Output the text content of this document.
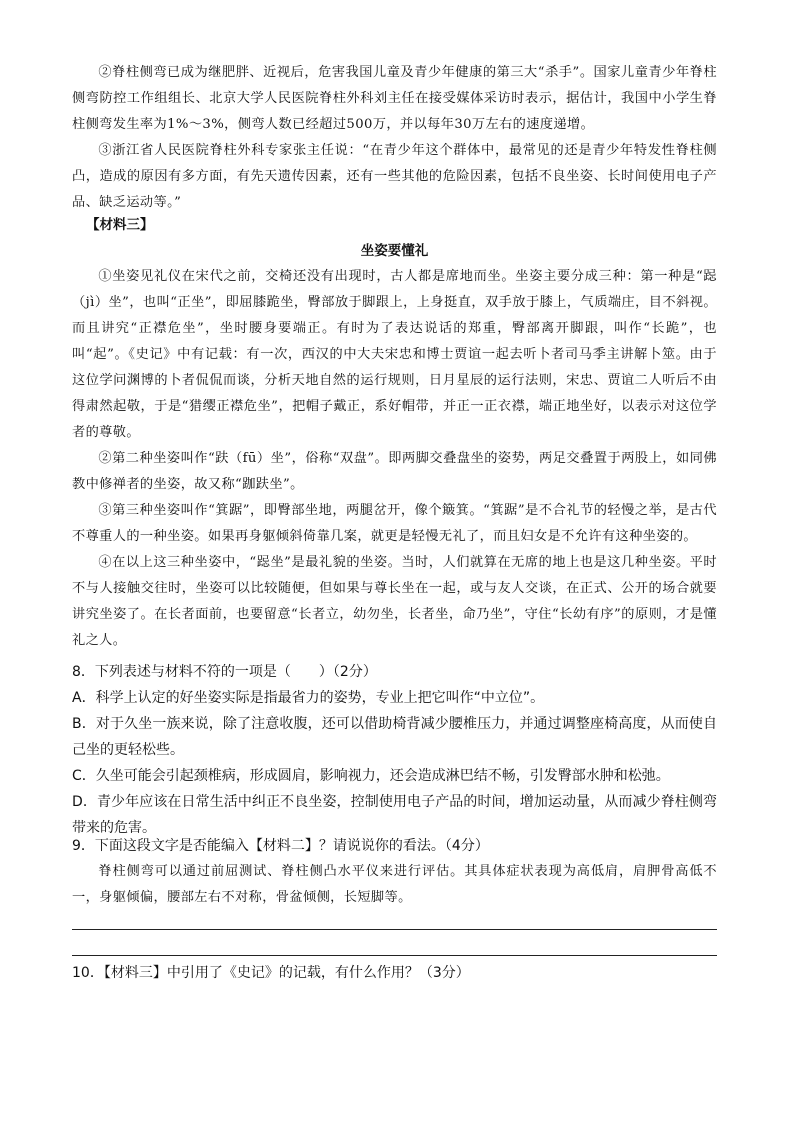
②脊柱侧弯已成为继肥胖、近视后，危害我国儿童及青少年健康的第三大“杀手”。国家儿童青少年脊柱侧弯防控工作组组长、北京大学人民医院脊柱外科刘主任在接受媒体采访时表示，据估计，我国中小学生脊柱侧弯发生率为1%～3%，侧弯人数已经超过500万，并以每年30万左右的速度递增。

③浙江省人民医院脊柱外科专家张主任说：“在青少年这个群体中，最常见的还是青少年特发性脊柱侧凸，造成的原因有多方面，有先天遗传因素，还有一些其他的危险因素，包括不良坐姿、长时间使用电子产品、缺乏运动等。”

【材料三】

坐姿要懂礼

①坐姿见礼仪在宋代之前，交椅还没有出现时，古人都是席地而坐。坐姿主要分成三种：第一种是“跽（jì）坐”，也叫“正坐”，即屈膝跪坐，臀部放于脚跟上，上身挺直，双手放于膝上，气质端庄，目不斜视。而且讲究“正襟危坐”，坐时腰身要端正。有时为了表达说话的郑重，臀部离开脚跟，叫作“长跪”，也叫“起”。《史记》中有记载：有一次，西汉的中大夫宋忠和博士贾谊一起去听卜者司马季主讲解卜筮。由于这位学问渊博的卜者侃侃而谈，分析天地自然的运行规则，日月星辰的运行法则，宋忠、贾谊二人听后不由得肃然起敬，于是“猎缨正襟危坐”，把帽子戴正，系好帽带，并正一正衣襟，端正地坐好，以表示对这位学者的尊敬。

②第二种坐姿叫作“趺（fū）坐”，俗称“双盘”。即两脚交叠盘坐的姿势，两足交叠置于两股上，如同佛教中修禅者的坐姿，故又称“跏趺坐”。

③第三种坐姿叫作“箕踞”，即臀部坐地，两腿岔开，像个簸箕。“箕踞”是不合礼节的轻慢之举，是古代不尊重人的一种坐姿。如果再身躯倾斜倚靠几案，就更是轻慢无礼了，而且妇女是不允许有这种坐姿的。

④在以上这三种坐姿中，“跽坐”是最礼貌的坐姿。当时，人们就算在无席的地上也是这几种坐姿。平时不与人接触交往时，坐姿可以比较随便，但如果与尊长坐在一起，或与友人交谈，在正式、公开的场合就要讲究坐姿了。在长者面前，也要留意“长者立，幼勿坐，长者坐，命乃坐”，守住“长幼有序”的原则，才是懂礼之人。

8．下列表述与材料不符的一项是（　　）（2分）

A．科学上认定的好坐姿实际是指最省力的姿势，专业上把它叫作“中立位”。

B．对于久坐一族来说，除了注意收腹，还可以借助椅背减少腰椎压力，并通过调整座椅高度，从而使自己坐的更轻松些。

C．久坐可能会引起颈椎病，形成圆肩，影响视力，还会造成淋巴结不畅，引发臀部水肿和松弛。

D．青少年应该在日常生活中纠正不良坐姿，控制使用电子产品的时间，增加运动量，从而减少脊柱侧弯带来的危害。

9．下面这段文字是否能编入【材料二】？请说说你的看法。（4分）

脊柱侧弯可以通过前屈测试、脊柱侧凸水平仪来进行评估。其具体症状表现为高低肩，肩胛骨高低不一，身躯倾偏，腰部左右不对称，骨盆倾侧，长短脚等。

10．【材料三】中引用了《史记》的记载，有什么作用？（3分）
